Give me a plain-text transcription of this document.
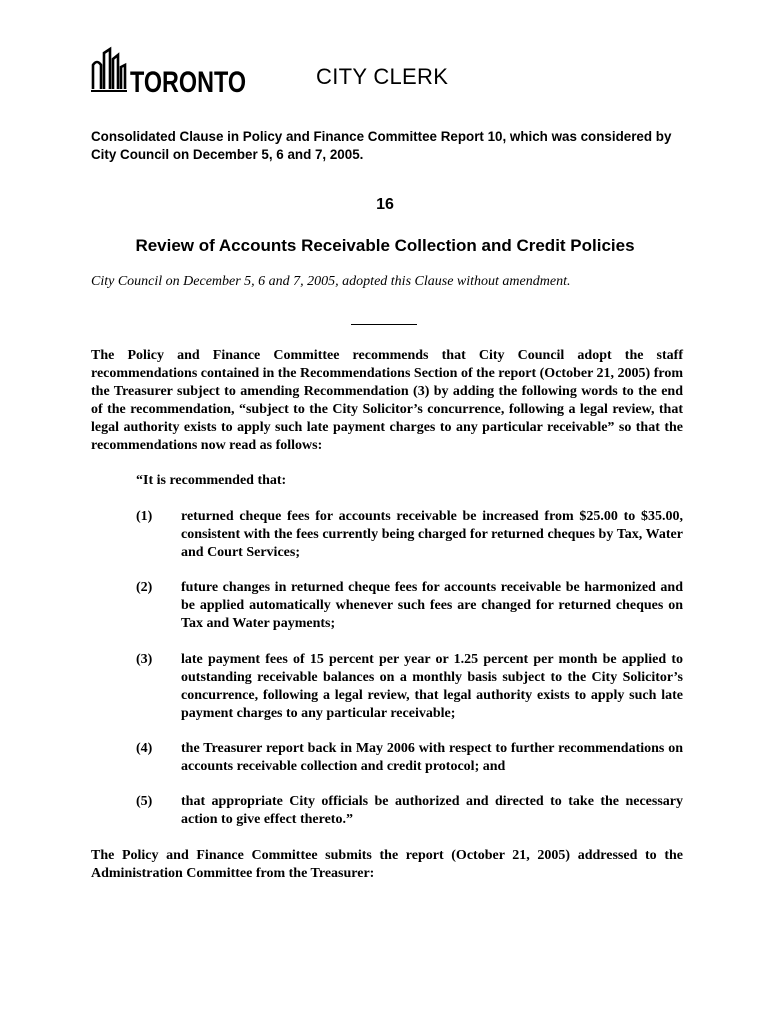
TORONTO	CITY CLERK
Consolidated Clause in Policy and Finance Committee Report 10, which was considered by City Council on December 5, 6 and 7, 2005.
16
Review of Accounts Receivable Collection and Credit Policies
City Council on December 5, 6 and 7, 2005, adopted this Clause without amendment.
The Policy and Finance Committee recommends that City Council adopt the staff recommendations contained in the Recommendations Section of the report (October 21, 2005) from the Treasurer subject to amending Recommendation (3) by adding the following words to the end of the recommendation, “subject to the City Solicitor’s concurrence, following a legal review, that legal authority exists to apply such late payment charges to any particular receivable” so that the recommendations now read as follows:
“It is recommended that:
(1)	returned cheque fees for accounts receivable be increased from $25.00 to $35.00, consistent with the fees currently being charged for returned cheques by Tax, Water and Court Services;
(2)	future changes in returned cheque fees for accounts receivable be harmonized and be applied automatically whenever such fees are changed for returned cheques on Tax and Water payments;
(3)	late payment fees of 15 percent per year or 1.25 percent per month be applied to outstanding receivable balances on a monthly basis subject to the City Solicitor’s concurrence, following a legal review, that legal authority exists to apply such late payment charges to any particular receivable;
(4)	the Treasurer report back in May 2006 with respect to further recommendations on accounts receivable collection and credit protocol; and
(5)	that appropriate City officials be authorized and directed to take the necessary action to give effect thereto.”
The Policy and Finance Committee submits the report (October 21, 2005) addressed to the Administration Committee from the Treasurer:
